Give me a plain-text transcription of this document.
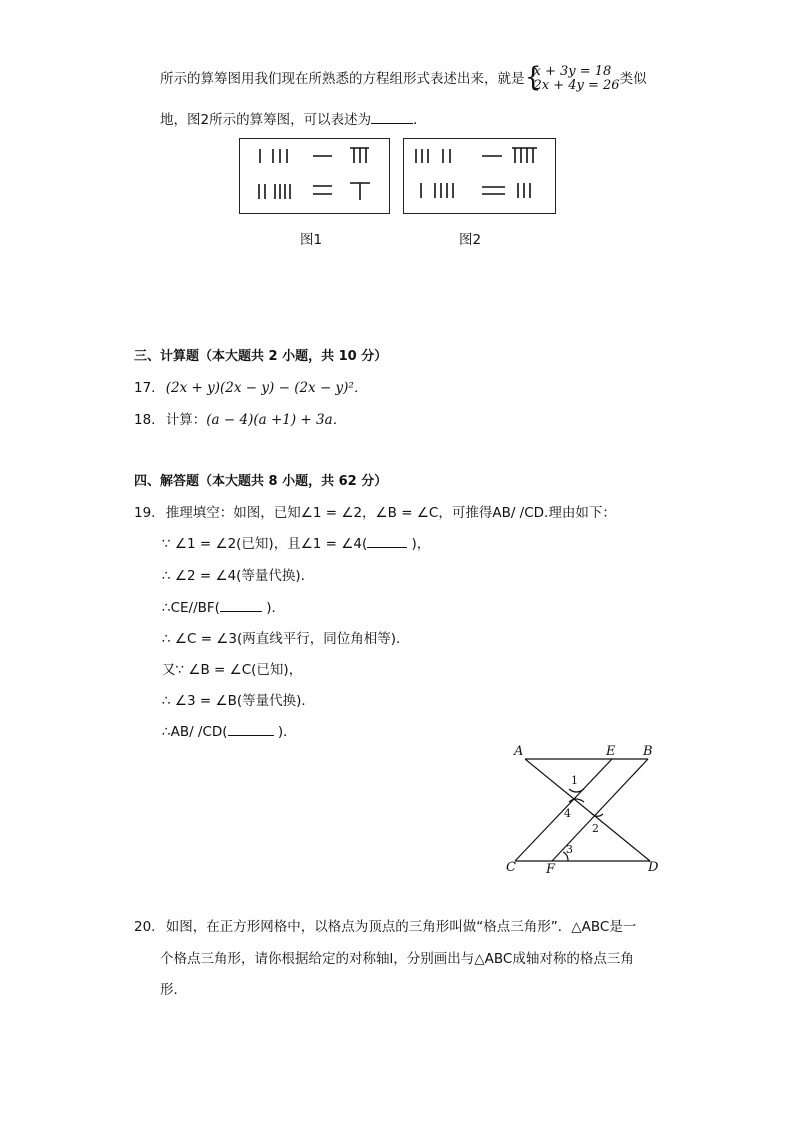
所示的算筹图用我们现在所熟悉的方程组形式表述出来，就是 {
x + 3y = 18
2x + 4y = 26 类似
地，图2所示的算筹图，可以表述为	．
图1	图2
三、计算题（本大题共 2 小题，共 10 分）
17. (2x + y)(2x − y) − (2x − y)²．
18. 计算：(a − 4)(a +1) + 3a．
四、解答题（本大题共 8 小题，共 62 分）
19. 推理填空：如图，已知∠1 = ∠2，∠B = ∠C，可推得AB/ /CD.理由如下：
∵ ∠1 = ∠2(已知)，且∠1 = ∠4(	)，
∴ ∠2 = ∠4(等量代换)．
∴CE//BF(	)．
∴ ∠C = ∠3(两直线平行，同位角相等)．
又∵ ∠B = ∠C(已知)，
∴ ∠3 = ∠B(等量代换)．
∴AB/ /CD(	)．
A	E B
C F	D
1
4
2
3
20. 如图，在正方形网格中，以格点为顶点的三角形叫做“格点三角形”．△ABC是一
个格点三角形，请你根据给定的对称轴l，分别画出与△ABC成轴对称的格点三角
形．
